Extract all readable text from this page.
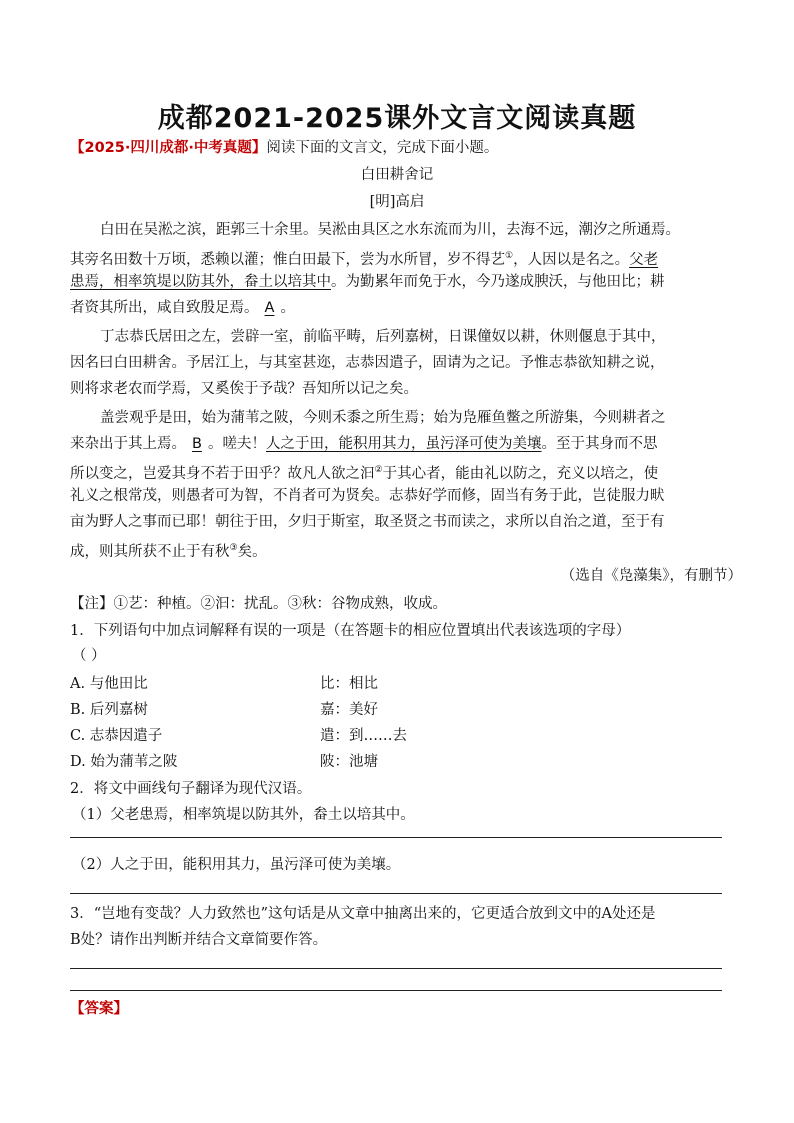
成都2021-2025课外文言文阅读真题
【2025·四川成都·中考真题】阅读下面的文言文，完成下面小题。
白田耕舍记
[明]高启
白田在吴淞之滨，距郭三十余里。吴淞由具区之水东流而为川，去海不远，潮汐之所通焉。
其旁名田数十万顷，悉赖以灌；惟白田最下，尝为水所冒，岁不得艺①，人因以是名之。父老
患焉，相率筑堤以防其外，畚土以培其中。为勤累年而免于水，今乃遂成腴沃，与他田比；耕
者资其所出，咸自致殷足焉。 A 。
丁志恭氏居田之左，尝辟一室，前临平畴，后列嘉树，日课僮奴以耕，休则偃息于其中，
因名曰白田耕舍。予居江上，与其室甚迩，志恭因遣子，固请为之记。予惟志恭欲知耕之说，
则将求老农而学焉，又奚俟于予哉？吾知所以记之矣。
盖尝观乎是田，始为蒲苇之陂，今则禾黍之所生焉；始为凫雁鱼鳖之所游集，今则耕者之
来杂出于其上焉。 B 。嗟夫！人之于田，能积用其力，虽污泽可使为美壤。至于其身而不思
所以变之，岂爱其身不若于田乎？故凡人欲之汩②于其心者，能由礼以防之，充义以培之，使
礼义之根常茂，则愚者可为智，不肖者可为贤矣。志恭好学而修，固当有务于此，岂徒服力畎
亩为野人之事而已耶！朝往于田，夕归于斯室，取圣贤之书而读之，求所以自治之道，至于有
成，则其所获不止于有秋③矣。
（选自《凫藻集》，有删节）
【注】①艺：种植。②汩：扰乱。③秋：谷物成熟，收成。
1．下列语句中加点词解释有误的一项是（在答题卡的相应位置填出代表该选项的字母）
（ ）
A. 与他田比	比：相比
B. 后列嘉树	嘉：美好
C. 志恭因遣子	遣：到……去
D. 始为蒲苇之陂	陂：池塘
2．将文中画线句子翻译为现代汉语。
（1）父老患焉，相率筑堤以防其外，畚土以培其中。
（2）人之于田，能积用其力，虽污泽可使为美壤。
3．“岂地有变哉？人力致然也”这句话是从文章中抽离出来的，它更适合放到文中的A处还是
B处？请作出判断并结合文章简要作答。
【答案】
